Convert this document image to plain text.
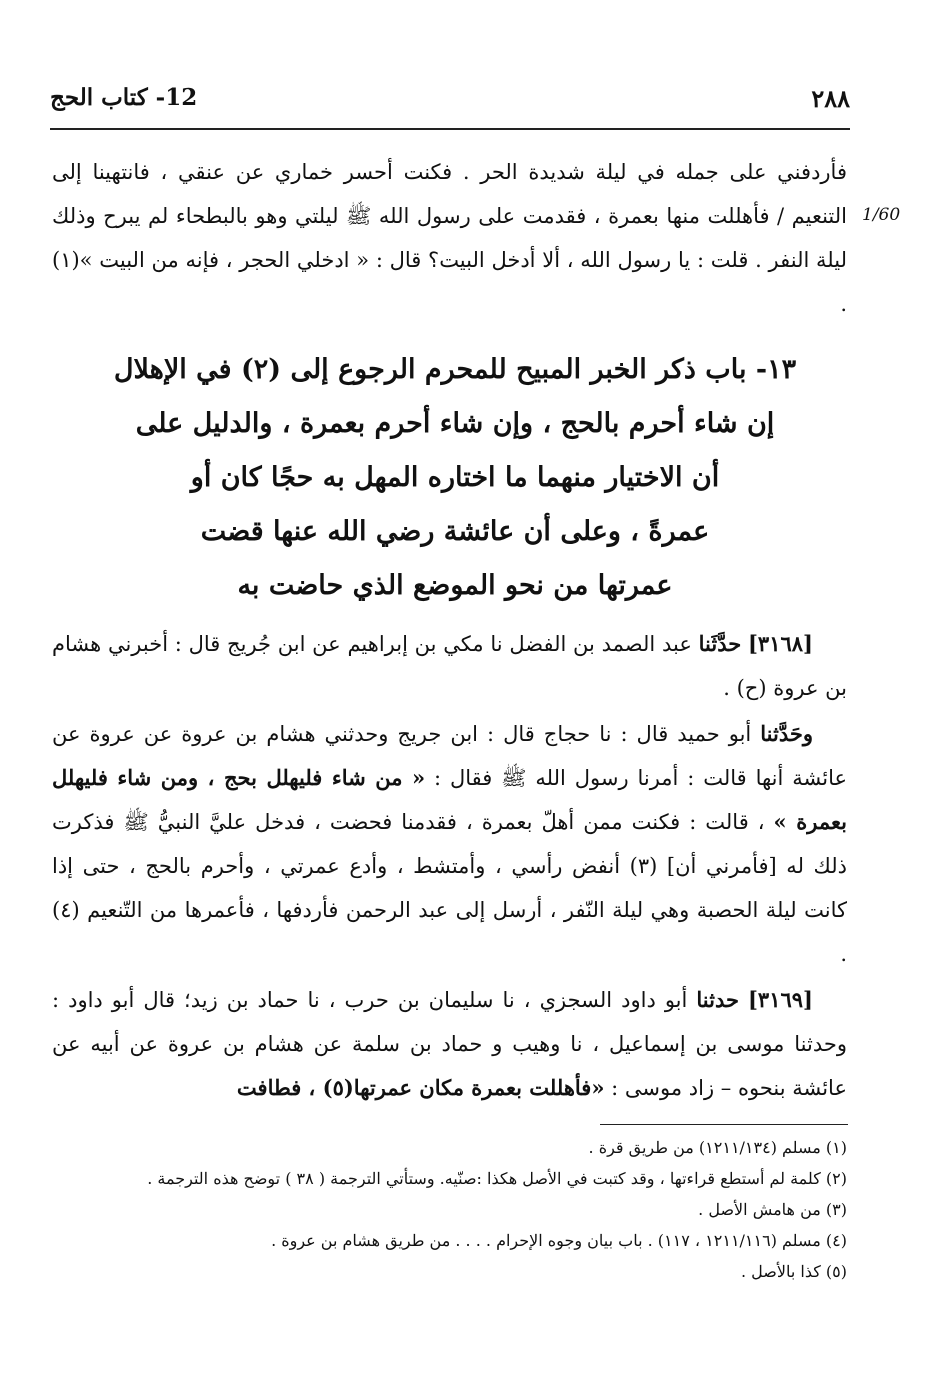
12- كتاب الحج	٢٨٨
1/60
فأردفني على جمله في ليلة شديدة الحر . فكنت أحسر خماري عن عنقي ، فانتهينا إلى التنعيم / فأهللت منها بعمرة ، فقدمت على رسول الله ﷺ ليلتي وهو بالبطحاء لم يبرح وذلك ليلة النفر . قلت : يا رسول الله ، ألا أدخل البيت؟ قال : « ادخلي الحجر ، فإنه من البيت »(١) .
١٣- باب ذكر الخبر المبيح للمحرم الرجوع إلى (٢) في الإهلال
إن شاء أحرم بالحج ، وإن شاء أحرم بعمرة ، والدليل على
أن الاختيار منهما ما اختاره المهل به حجًا كان أو
عمرةً ، وعلى أن عائشة رضي الله عنها قضت
عمرتها من نحو الموضع الذي حاضت به

[٣١٦٨] حدَّثَنا عبد الصمد بن الفضل نا مكي بن إبراهيم عن ابن جُريج قال : أخبرني هشام بن عروة (ح) .

وحَدَّثنا أبو حميد قال : نا حجاج قال : ابن جريج وحدثني هشام بن عروة عن عروة عن عائشة أنها قالت : أمرنا رسول الله ﷺ فقال : « من شاء فليهلل بحج ، ومن شاء فليهلل بعمرة » ، قالت : فكنت ممن أهلّ بعمرة ، فقدمنا فحضت ، فدخل عليَّ النبيُّ ﷺ فذكرت ذلك له [فأمرني أن] (٣) أنفض رأسي ، وأمتشط ، وأدع عمرتي ، وأحرم بالحج ، حتى إذا كانت ليلة الحصبة وهي ليلة النّفر ، أرسل إلى عبد الرحمن فأردفها ، فأعمرها من التّنعيم (٤) .

[٣١٦٩] حدثنا أبو داود السجزي ، نا سليمان بن حرب ، نا حماد بن زيد؛ قال أبو داود : وحدثنا موسى بن إسماعيل ، نا وهيب و حماد بن سلمة عن هشام بن عروة عن أبيه عن عائشة بنحوه – زاد موسى : «فأهللت بعمرة مكان عمرتها(٥) ، فطافت

(١) مسلم (١٢١١/١٣٤) من طريق قرة .
(٢) كلمة لم أستطع قراءتها ، وقد كتبت في الأصل هكذا :صنّيه. وستأتي الترجمة ( ٣٨ ) توضح هذه الترجمة .
(٣) من هامش الأصل .
(٤) مسلم (١٢١١/١١٦ ، ١١٧) . باب بيان وجوه الإحرام . . . . من طريق هشام بن عروة .
(٥) كذا بالأصل .
